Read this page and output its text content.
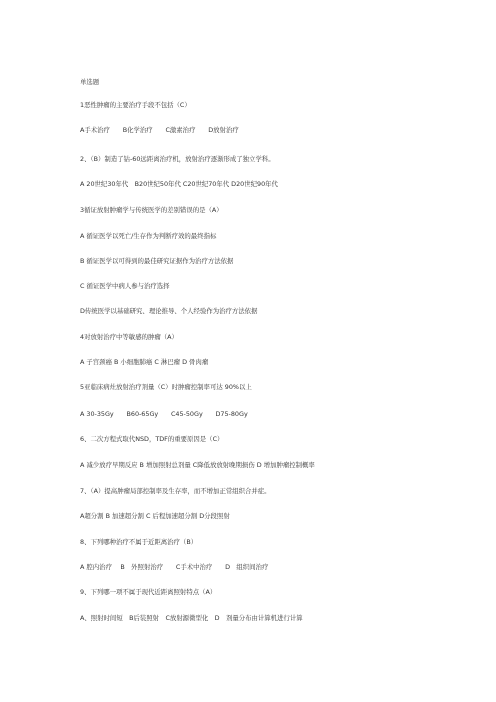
单选题
1恶性肿瘤的主要治疗手段不包括（C）
A手术治疗　　B化学治疗　　C激素治疗　　D放射治疗
2、（B）制造了钴-60远距离治疗机，放射治疗逐渐形成了独立学科。
A 20世纪30年代　B20世纪50年代 C20世纪70年代 D20世纪90年代
3循证放射肿瘤学与传统医学的差别错误的是（A）
A 循证医学以死亡/生存作为判断疗效的最终指标
B 循证医学以可得到的最佳研究证据作为治疗方法依据
C 循证医学中病人参与治疗选择
D传统医学以基础研究、理论推导、个人经验作为治疗方法依据
4对放射治疗中等敏感的肿瘤（A）
A 子宫颈癌 B 小细胞肺癌 C 淋巴瘤 D 骨肉瘤
5亚临床病灶放射治疗剂量（C）时肿瘤控制率可达 90%以上
A 30-35Gy　　B60-65Gy　　C45-50Gy　　D75-80Gy
6、二次方程式取代NSD，TDF的重要原因是（C）
A 减少放疗早期反应 B 增加照射总剂量 C降低放放射晚期损伤 D 增加肿瘤控制概率
7、（A）提高肿瘤局部控制率及生存率，而不增加正常组织合并症。
A超分割 B 加速超分割 C 后程加速超分割 D分段照射
8、下列哪种治疗不属于近距离治疗（B）
A 腔内治疗　 B　外照射治疗　　C手术中治疗　　D　组织间治疗
9、下列哪一项不属于现代近距离照射特点（A）
A、照射时间短　B后装照射　C放射源微型化　D　剂量分布由计算机进行计算
